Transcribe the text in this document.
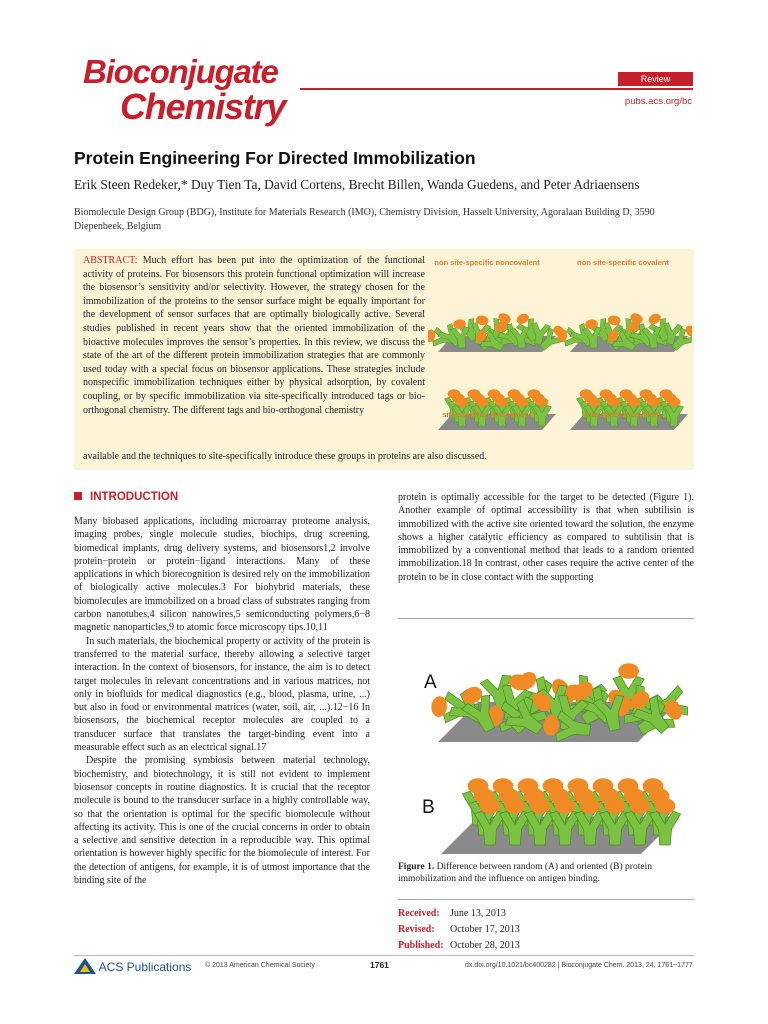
Bioconjugate
Chemistry
Review
pubs.acs.org/bc
Protein Engineering For Directed Immobilization
Erik Steen Redeker,* Duy Tien Ta, David Cortens, Brecht Billen, Wanda Guedens, and Peter Adriaensens
Biomolecule Design Group (BDG), Institute for Materials Research (IMO), Chemistry Division, Hasselt University, Agoralaan Building D, 3590 Diepenbeek, Belgium
ABSTRACT: Much effort has been put into the optimization of the functional activity of proteins. For biosensors this protein functional optimization will increase the biosensor’s sensitivity and/or selectivity. However, the strategy chosen for the immobilization of the proteins to the sensor surface might be equally important for the development of sensor surfaces that are optimally biologically active. Several studies published in recent years show that the oriented immobilization of the bioactive molecules improves the sensor’s properties. In this review, we discuss the state of the art of the different protein immobilization strategies that are commonly used today with a special focus on biosensor applications. These strategies include nonspecific immobilization techniques either by physical adsorption, by covalent coupling, or by specific immobilization via site-specifically introduced tags or bio-orthogonal chemistry. The different tags and bio-orthogonal chemistry
available and the techniques to site-specifically introduce these groups in proteins are also discussed.
non site-specific noncovalent	non site-specific covalent
site-specific noncovalent	site-specific covalent
INTRODUCTION

Many biobased applications, including microarray proteome analysis, imaging probes, single molecule studies, biochips, drug screening, biomedical implants, drug delivery systems, and biosensors1,2 involve protein−protein or protein−ligand interactions. Many of these applications in which biorecognition is desired rely on the immobilization of biologically active molecules.3 For biohybrid materials, these biomolecules are immobilized on a broad class of substrates ranging from carbon nanotubes,4 silicon nanowires,5 semiconducting polymers,6−8 magnetic nanoparticles,9 to atomic force microscopy tips.10,11

In such materials, the biochemical property or activity of the protein is transferred to the material surface, thereby allowing a selective target interaction. In the context of biosensors, for instance, the aim is to detect target molecules in relevant concentrations and in various matrices, not only in biofluids for medical diagnostics (e.g., blood, plasma, urine, ...) but also in food or environmental matrices (water, soil, air, ...).12−16 In biosensors, the biochemical receptor molecules are coupled to a transducer surface that translates the target-binding event into a measurable effect such as an electrical signal.17

Despite the promising symbiosis between material technology, biochemistry, and biotechnology, it is still not evident to implement biosensor concepts in routine diagnostics. It is crucial that the receptor molecule is bound to the transducer surface in a highly controllable way, so that the orientation is optimal for the specific biomolecule without affecting its activity. This is one of the crucial concerns in order to obtain a selective and sensitive detection in a reproducible way. This optimal orientation is however highly specific for the biomolecule of interest. For the detection of antigens, for example, it is of utmost importance that the binding site of the

protein is optimally accessible for the target to be detected (Figure 1). Another example of optimal accessibility is that when subtilisin is immobilized with the active site oriented toward the solution, the enzyme shows a higher catalytic efficiency as compared to subtilisin that is immobilized by a conventional method that leads to a random oriented immobilization.18 In contrast, other cases require the active center of the protein to be in close contact with the supporting

A
B
Figure 1. Difference between random (A) and oriented (B) protein immobilization and the influence on antigen binding.
Received: June 13, 2013
Revised: October 17, 2013
Published: October 28, 2013
ACS Publications © 2013 American Chemical Society	1761	dx.doi.org/10.1021/bc400282 | Bioconjugate Chem. 2013, 24, 1761−1777
